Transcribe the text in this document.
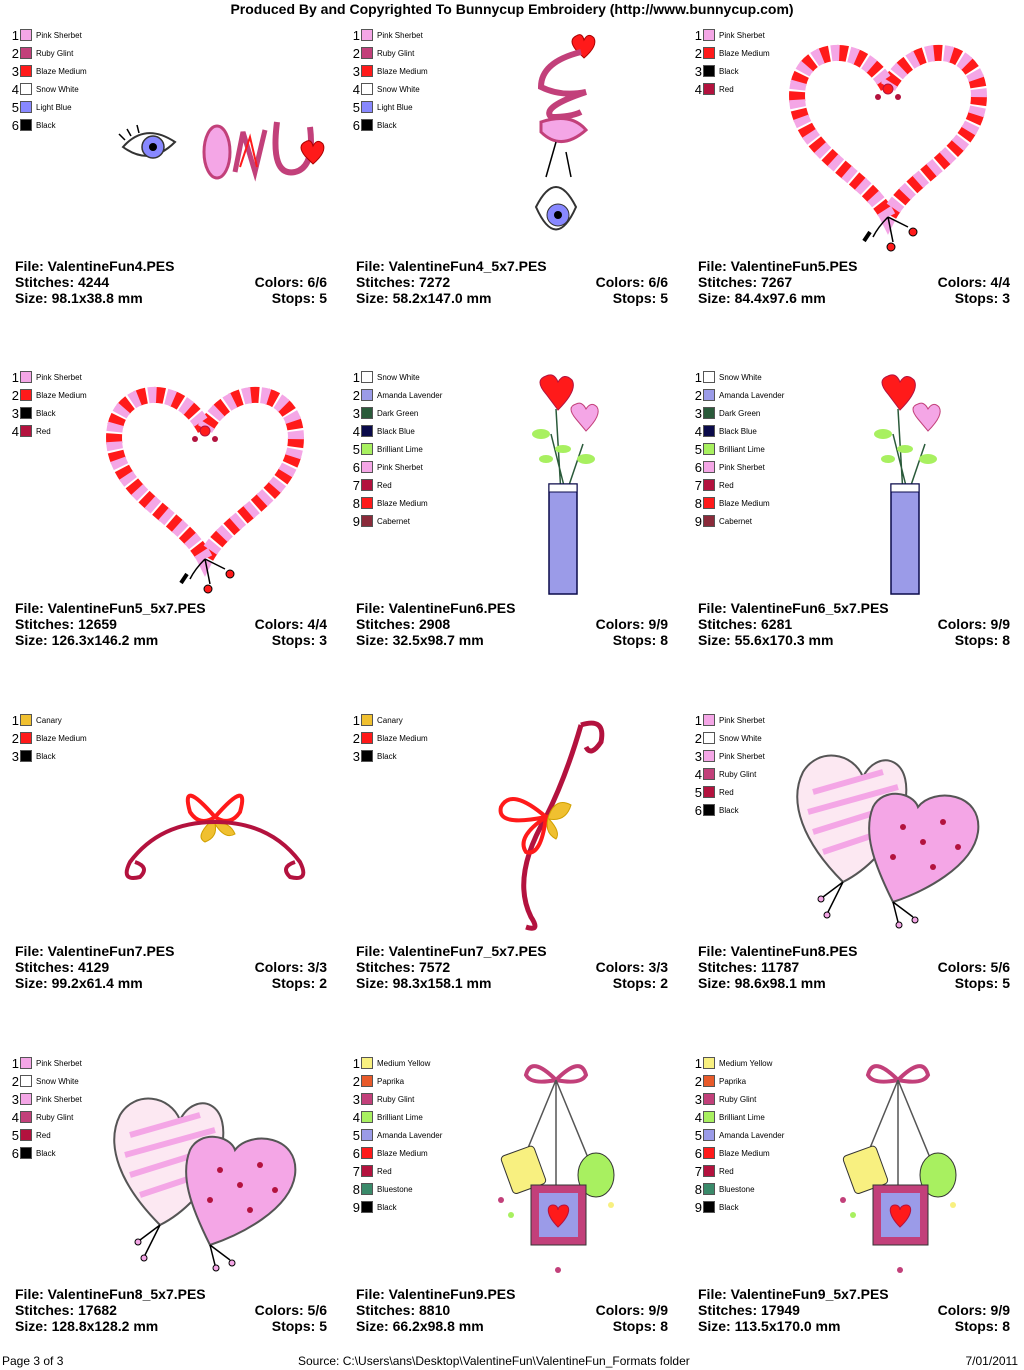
Produced By and Copyrighted To Bunnycup Embroidery (http://www.bunnycup.com)
1 Pink Sherbet
2 Ruby Glint
3 Blaze Medium
4 Snow White
5 Light Blue
6 Black
File: ValentineFun4.PES
Stitches: 4244	Colors: 6/6
Size: 98.1x38.8 mm	Stops: 5
1 Pink Sherbet
2 Ruby Glint
3 Blaze Medium
4 Snow White
5 Light Blue
6 Black
File: ValentineFun4_5x7.PES
Stitches: 7272	Colors: 6/6
Size: 58.2x147.0 mm	Stops: 5
1 Pink Sherbet
2 Blaze Medium
3 Black
4 Red
File: ValentineFun5.PES
Stitches: 7267	Colors: 4/4
Size: 84.4x97.6 mm	Stops: 3
1 Pink Sherbet
2 Blaze Medium
3 Black
4 Red
File: ValentineFun5_5x7.PES
Stitches: 12659	Colors: 4/4
Size: 126.3x146.2 mm	Stops: 3
1 Snow White
2 Amanda Lavender
3 Dark Green
4 Black Blue
5 Brilliant Lime
6 Pink Sherbet
7 Red
8 Blaze Medium
9 Cabernet
File: ValentineFun6.PES
Stitches: 2908	Colors: 9/9
Size: 32.5x98.7 mm	Stops: 8
1 Snow White
2 Amanda Lavender
3 Dark Green
4 Black Blue
5 Brilliant Lime
6 Pink Sherbet
7 Red
8 Blaze Medium
9 Cabernet
File: ValentineFun6_5x7.PES
Stitches: 6281	Colors: 9/9
Size: 55.6x170.3 mm	Stops: 8
1 Canary
2 Blaze Medium
3 Black
File: ValentineFun7.PES
Stitches: 4129	Colors: 3/3
Size: 99.2x61.4 mm	Stops: 2
1 Canary
2 Blaze Medium
3 Black
File: ValentineFun7_5x7.PES
Stitches: 7572	Colors: 3/3
Size: 98.3x158.1 mm	Stops: 2
1 Pink Sherbet
2 Snow White
3 Pink Sherbet
4 Ruby Glint
5 Red
6 Black
File: ValentineFun8.PES
Stitches: 11787	Colors: 5/6
Size: 98.6x98.1 mm	Stops: 5
1 Pink Sherbet
2 Snow White
3 Pink Sherbet
4 Ruby Glint
5 Red
6 Black
File: ValentineFun8_5x7.PES
Stitches: 17682	Colors: 5/6
Size: 128.8x128.2 mm	Stops: 5
1 Medium Yellow
2 Paprika
3 Ruby Glint
4 Brilliant Lime
5 Amanda Lavender
6 Blaze Medium
7 Red
8 Bluestone
9 Black
File: ValentineFun9.PES
Stitches: 8810	Colors: 9/9
Size: 66.2x98.8 mm	Stops: 8
1 Medium Yellow
2 Paprika
3 Ruby Glint
4 Brilliant Lime
5 Amanda Lavender
6 Blaze Medium
7 Red
8 Bluestone
9 Black
File: ValentineFun9_5x7.PES
Stitches: 17949	Colors: 9/9
Size: 113.5x170.0 mm	Stops: 8
Page 3 of 3	Source: C:\Users\ans\Desktop\ValentineFun\ValentineFun_Formats folder	7/01/2011
